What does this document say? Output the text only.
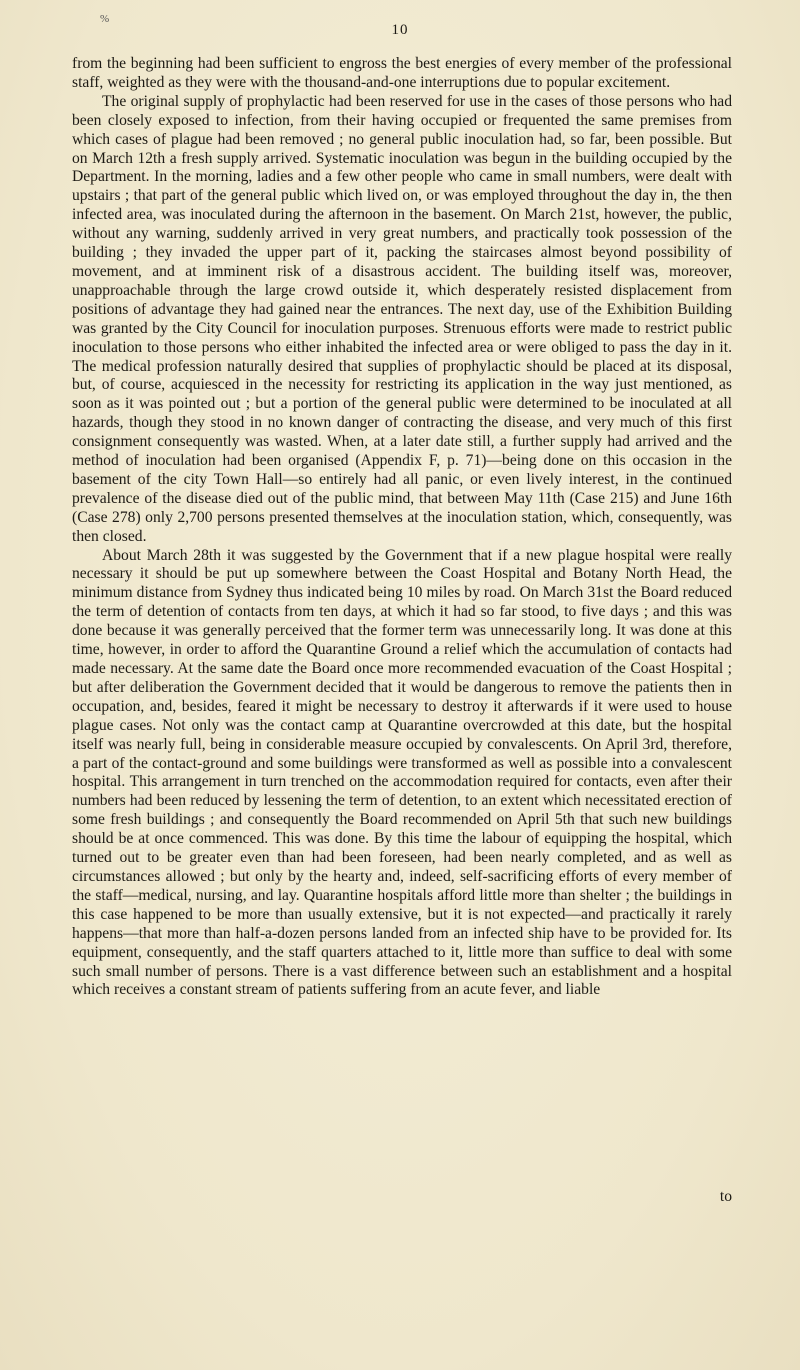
%
10

from the beginning had been sufficient to engross the best energies of every member of the professional staff, weighted as they were with the thousand-and-one interruptions due to popular excitement.

The original supply of prophylactic had been reserved for use in the cases of those persons who had been closely exposed to infection, from their having occupied or frequented the same premises from which cases of plague had been removed ; no general public inoculation had, so far, been possible. But on March 12th a fresh supply arrived. Systematic inoculation was begun in the building occupied by the Department. In the morning, ladies and a few other people who came in small numbers, were dealt with upstairs ; that part of the general public which lived on, or was employed throughout the day in, the then infected area, was inoculated during the afternoon in the basement. On March 21st, however, the public, without any warning, suddenly arrived in very great numbers, and practically took possession of the building ; they invaded the upper part of it, packing the staircases almost beyond possibility of movement, and at imminent risk of a disastrous accident. The building itself was, moreover, unapproachable through the large crowd outside it, which desperately resisted displacement from positions of advantage they had gained near the entrances. The next day, use of the Exhibition Building was granted by the City Council for inoculation purposes. Strenuous efforts were made to restrict public inoculation to those persons who either inhabited the infected area or were obliged to pass the day in it. The medical profession naturally desired that supplies of prophylactic should be placed at its disposal, but, of course, acquiesced in the necessity for restricting its application in the way just mentioned, as soon as it was pointed out ; but a portion of the general public were determined to be inoculated at all hazards, though they stood in no known danger of contracting the disease, and very much of this first consignment consequently was wasted. When, at a later date still, a further supply had arrived and the method of inoculation had been organised (Appendix F, p. 71)—being done on this occasion in the basement of the city Town Hall—so entirely had all panic, or even lively interest, in the continued prevalence of the disease died out of the public mind, that between May 11th (Case 215) and June 16th (Case 278) only 2,700 persons presented themselves at the inoculation station, which, consequently, was then closed.

About March 28th it was suggested by the Government that if a new plague hospital were really necessary it should be put up somewhere between the Coast Hospital and Botany North Head, the minimum distance from Sydney thus indicated being 10 miles by road. On March 31st the Board reduced the term of detention of contacts from ten days, at which it had so far stood, to five days ; and this was done because it was generally perceived that the former term was unnecessarily long. It was done at this time, however, in order to afford the Quarantine Ground a relief which the accumulation of contacts had made necessary. At the same date the Board once more recommended evacuation of the Coast Hospital ; but after deliberation the Government decided that it would be dangerous to remove the patients then in occupation, and, besides, feared it might be necessary to destroy it afterwards if it were used to house plague cases. Not only was the contact camp at Quarantine overcrowded at this date, but the hospital itself was nearly full, being in considerable measure occupied by convalescents. On April 3rd, therefore, a part of the contact-ground and some buildings were transformed as well as possible into a convalescent hospital. This arrangement in turn trenched on the accommodation required for contacts, even after their numbers had been reduced by lessening the term of detention, to an extent which necessitated erection of some fresh buildings ; and consequently the Board recommended on April 5th that such new buildings should be at once commenced. This was done. By this time the labour of equipping the hospital, which turned out to be greater even than had been foreseen, had been nearly completed, and as well as circumstances allowed ; but only by the hearty and, indeed, self-sacrificing efforts of every member of the staff—medical, nursing, and lay. Quarantine hospitals afford little more than shelter ; the buildings in this case happened to be more than usually extensive, but it is not expected—and practically it rarely happens—that more than half-a-dozen persons landed from an infected ship have to be provided for. Its equipment, consequently, and the staff quarters attached to it, little more than suffice to deal with some such small number of persons. There is a vast difference between such an establishment and a hospital which receives a constant stream of patients suffering from an acute fever, and liable

to
